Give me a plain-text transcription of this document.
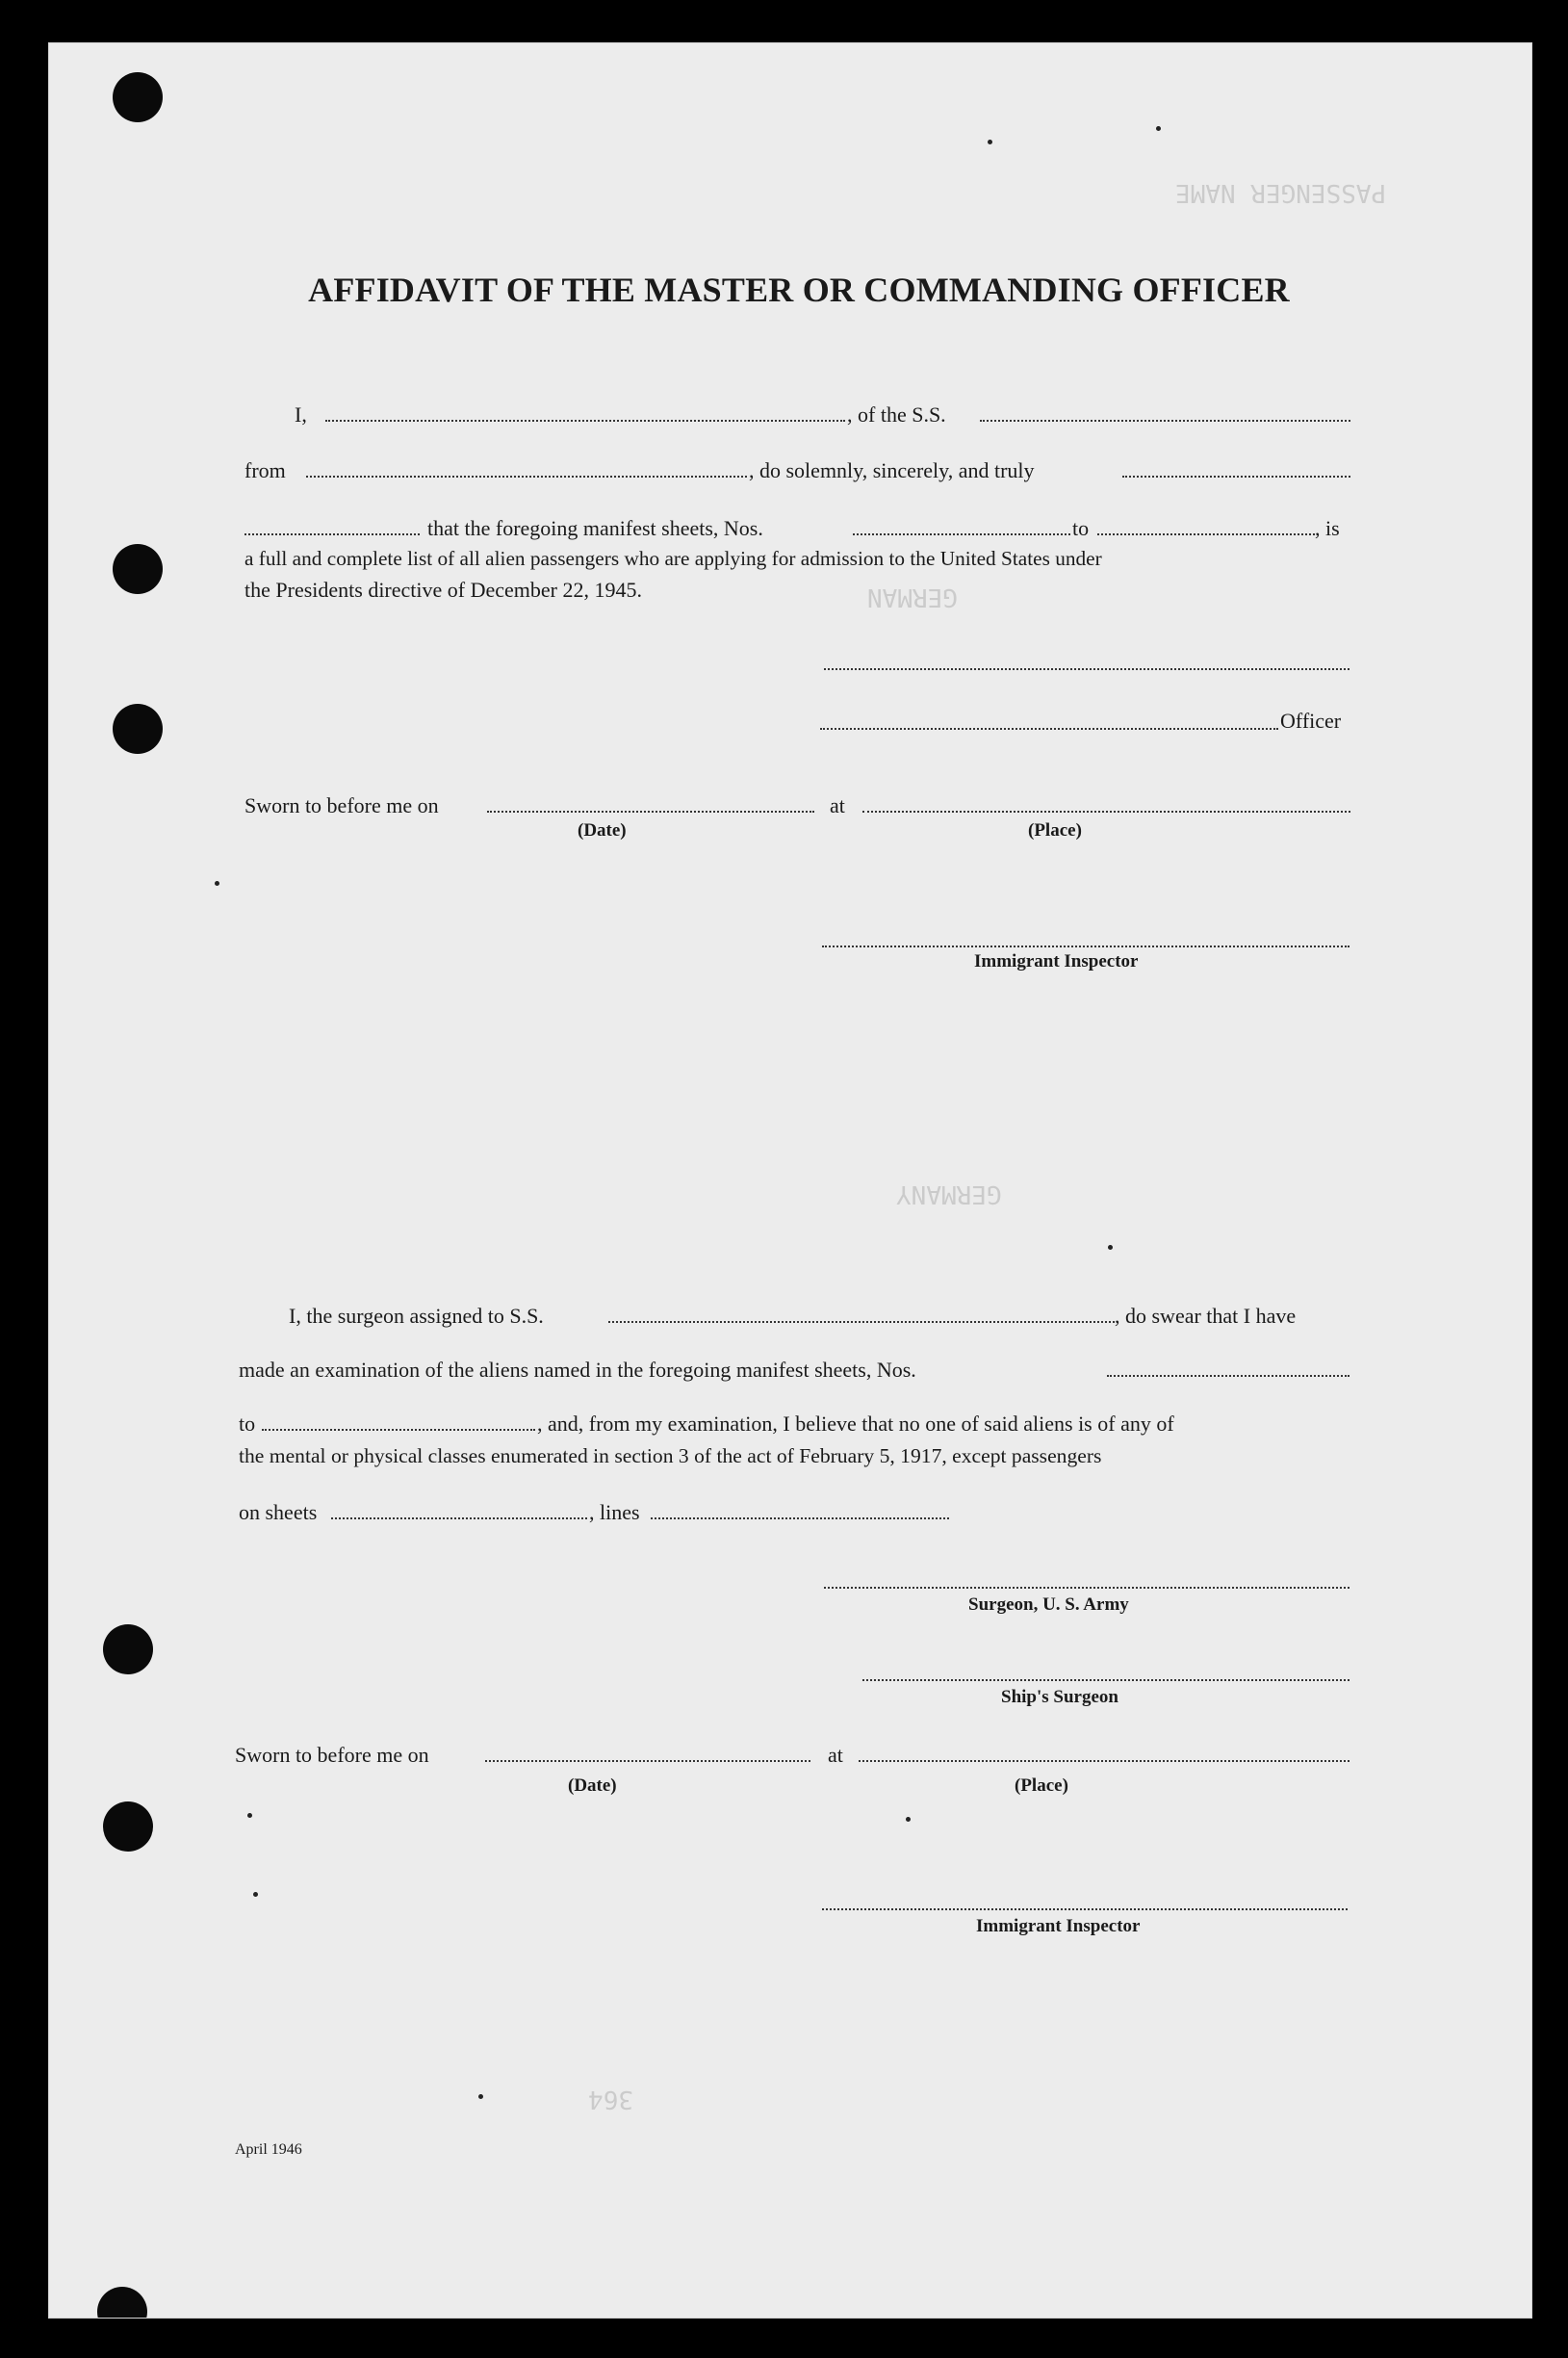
PASSENGER NAME
GERMAN
GERMANY
364
AFFIDAVIT OF THE MASTER OR COMMANDING OFFICER
I,	, of the S.S.
from	, do solemnly, sincerely, and truly
that the foregoing manifest sheets, Nos.	to	, is
a full and complete list of all alien passengers who are applying for admission to the United States under
the Presidents directive of December 22, 1945.
Officer
Sworn to before me on	at
(Date)	(Place)
Immigrant Inspector
I, the surgeon assigned to S.S.	, do swear that I have
made an examination of the aliens named in the foregoing manifest sheets, Nos.
to	, and, from my examination, I believe that no one of said aliens is of any of
the mental or physical classes enumerated in section 3 of the act of February 5, 1917, except passengers
on sheets	, lines
Surgeon, U. S. Army
Ship's Surgeon
Sworn to before me on	at
(Date)	(Place)
Immigrant Inspector
April 1946
